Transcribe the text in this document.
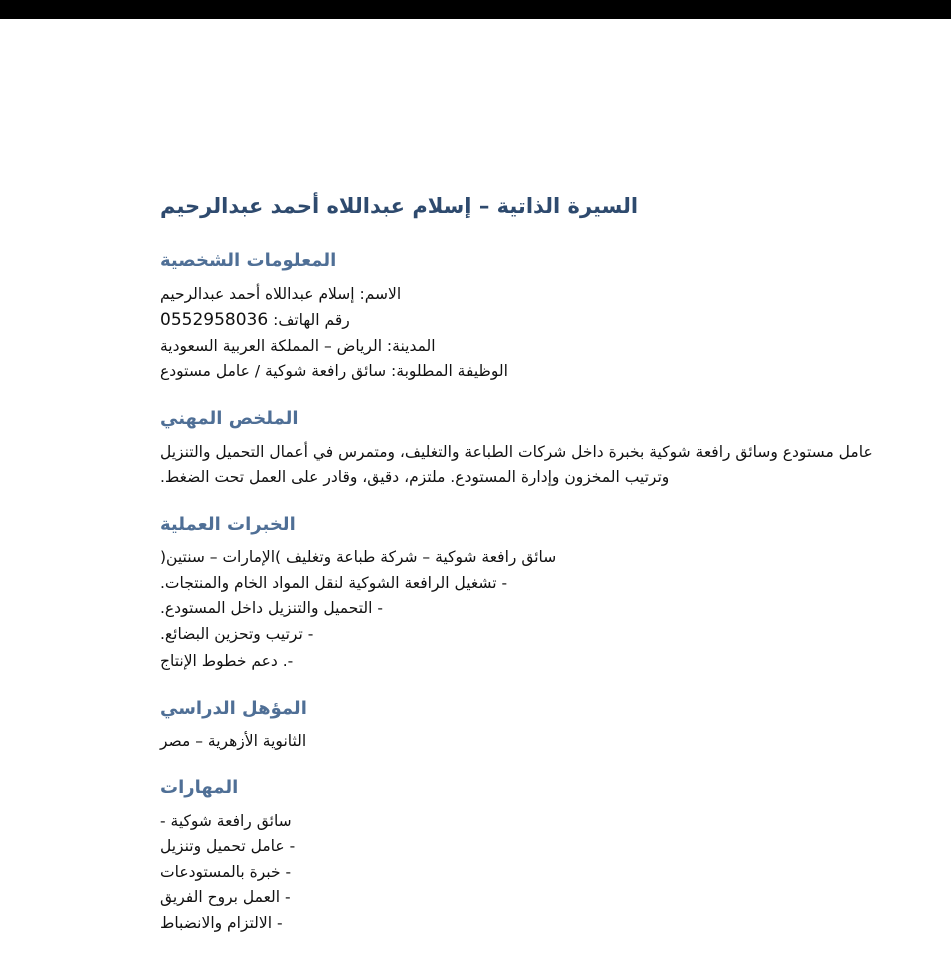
السيرة الذاتية – إسلام عبداللاه أحمد عبدالرحيم
المعلومات الشخصية
الاسم: إسلام عبداللاه أحمد عبدالرحيم
رقم الهاتف: 0552958036
المدينة: الرياض – المملكة العربية السعودية
الوظيفة المطلوبة: سائق رافعة شوكية / عامل مستودع
الملخص المهني
عامل مستودع وسائق رافعة شوكية بخبرة داخل شركات الطباعة والتغليف، ومتمرس في أعمال التحميل والتنزيل
وترتيب المخزون وإدارة المستودع. ملتزم، دقيق، وقادر على العمل تحت الضغط.
الخبرات العملية
سائق رافعة شوكية – شركة طباعة وتغليف )الإمارات – سنتين(
- تشغيل الرافعة الشوكية لنقل المواد الخام والمنتجات.
- التحميل والتنزيل داخل المستودع.
- ترتيب وتحزين البضائع.
-. دعم خطوط الإنتاج
المؤهل الدراسي
الثانوية الأزهرية – مصر
المهارات
سائق رافعة شوكية -
- عامل تحميل وتنزيل
- خبرة بالمستودعات
- العمل بروح الفريق
- الالتزام والانضباط
